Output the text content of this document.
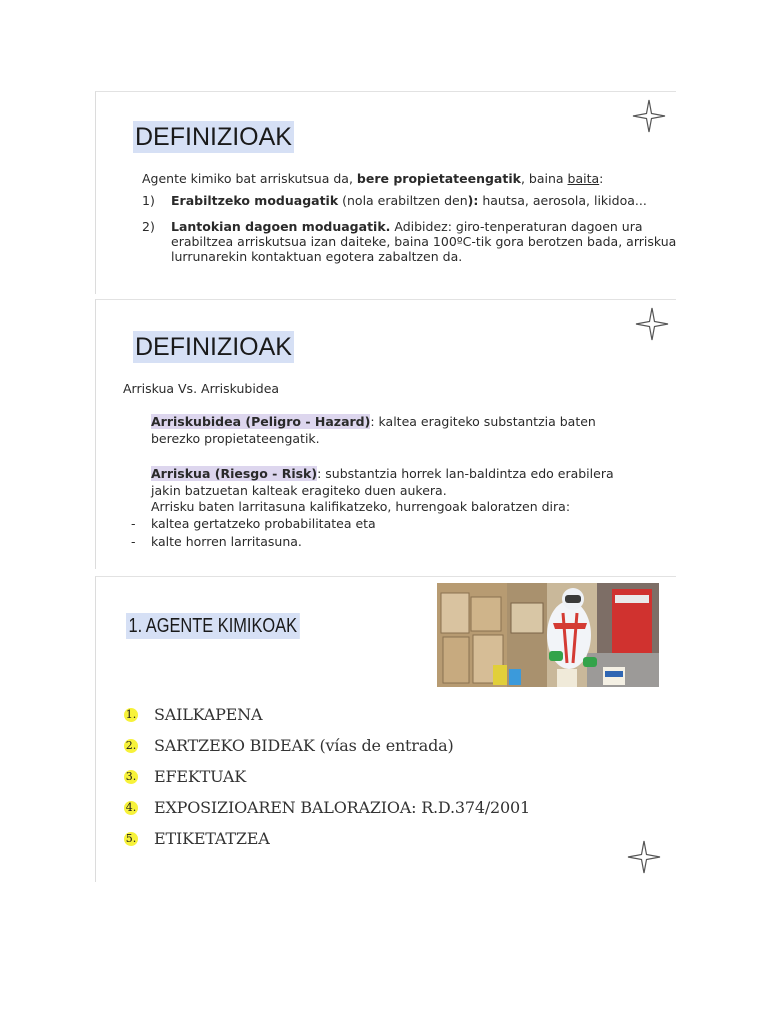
DEFINIZIOAK
Agente kimiko bat arriskutsua da, bere propietateengatik, baina baita:
1) Erabiltzeko moduagatik (nola erabiltzen den): hautsa, aerosola, likidoa...
2) Lantokian dagoen moduagatik. Adibidez: giro-tenperaturan dagoen ura
erabiltzea arriskutsua izan daiteke, baina 100ºC-tik gora berotzen bada, arriskua
lurrunarekin kontaktuan egotera zabaltzen da.
DEFINIZIOAK
Arriskua Vs. Arriskubidea
Arriskubidea (Peligro - Hazard): kaltea eragiteko substantzia baten
berezko propietateengatik.
Arriskua (Riesgo - Risk): substantzia horrek lan-baldintza edo erabilera
jakin batzuetan kalteak eragiteko duen aukera.
Arrisku baten larritasuna kalifikatzeko, hurrengoak baloratzen dira:
- kaltea gertatzeko probabilitatea eta
- kalte horren larritasuna.
1. AGENTE KIMIKOAK
1. SAILKAPENA
2. SARTZEKO BIDEAK (vías de entrada)
3. EFEKTUAK
4. EXPOSIZIOAREN BALORAZIOA: R.D.374/2001
5. ETIKETATZEA
